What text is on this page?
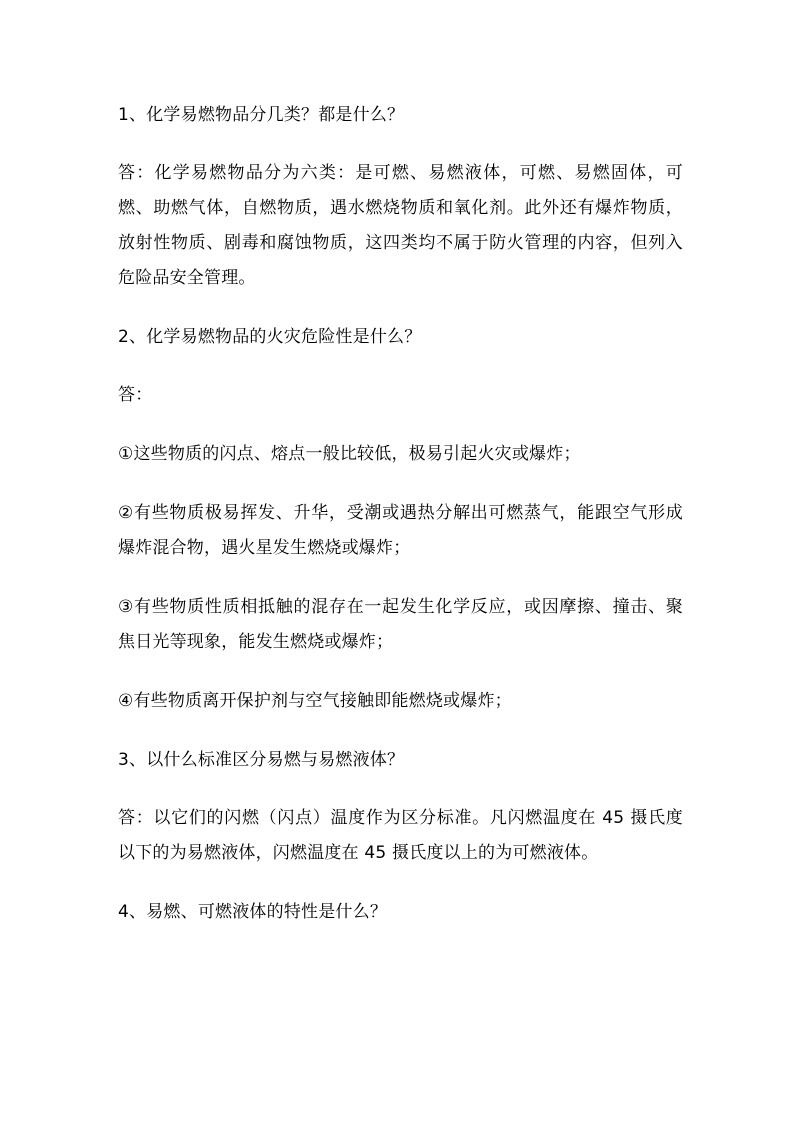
1、化学易燃物品分几类？都是什么？

答：化学易燃物品分为六类：是可燃、易燃液体，可燃、易燃固体，可燃、助燃气体，自燃物质，遇水燃烧物质和氧化剂。此外还有爆炸物质，放射性物质、剧毒和腐蚀物质，这四类均不属于防火管理的内容，但列入危险品安全管理。

2、化学易燃物品的火灾危险性是什么？

答：

①这些物质的闪点、熔点一般比较低，极易引起火灾或爆炸；

②有些物质极易挥发、升华，受潮或遇热分解出可燃蒸气，能跟空气形成爆炸混合物，遇火星发生燃烧或爆炸；

③有些物质性质相抵触的混存在一起发生化学反应，或因摩擦、撞击、聚焦日光等现象，能发生燃烧或爆炸；

④有些物质离开保护剂与空气接触即能燃烧或爆炸；

3、以什么标准区分易燃与易燃液体？

答：以它们的闪燃（闪点）温度作为区分标准。凡闪燃温度在 45 摄氏度以下的为易燃液体，闪燃温度在 45 摄氏度以上的为可燃液体。

4、易燃、可燃液体的特性是什么？
